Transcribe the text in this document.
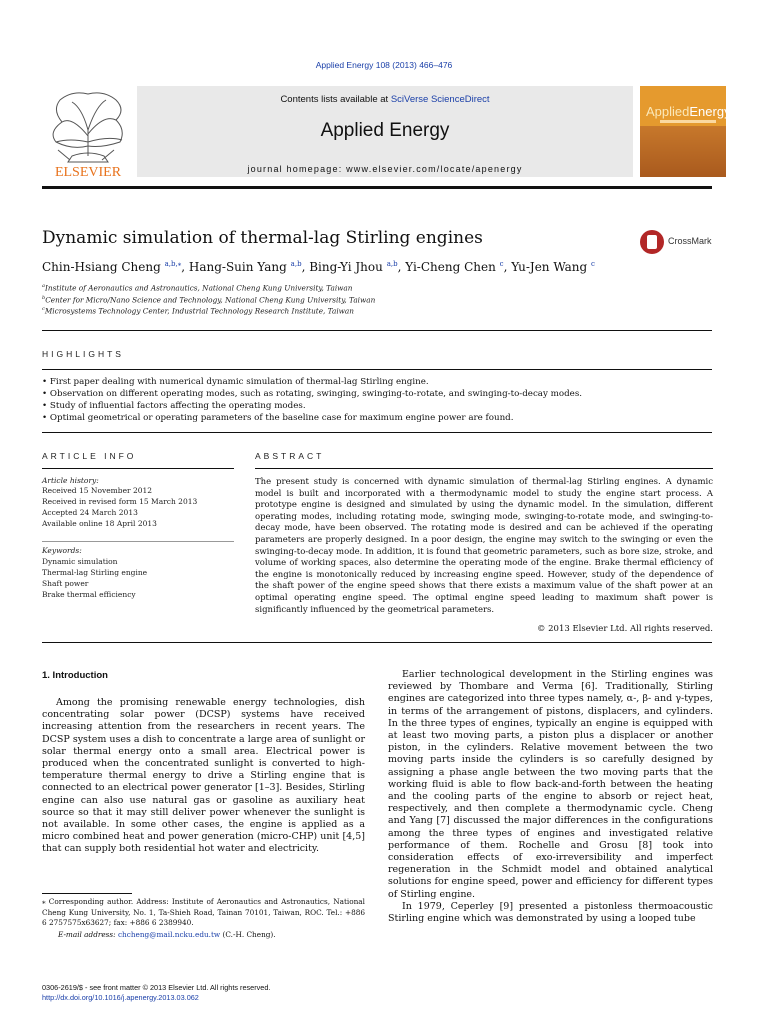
Applied Energy 108 (2013) 466–476
ELSEVIER
Contents lists available at SciVerse ScienceDirect
Applied Energy
journal homepage: www.elsevier.com/locate/apenergy
AppliedEnergy
Dynamic simulation of thermal-lag Stirling engines	CrossMark
Chin-Hsiang Cheng $^{a,b,⁎}$, Hang-Suin Yang $^{a,b}$, Bing-Yi Jhou $^{a,b}$, Yi-Cheng Chen $^c$, Yu-Jen Wang $^c$
$^a$Institute of Aeronautics and Astronautics, National Cheng Kung University, Taiwan
$^b$Center for Micro/Nano Science and Technology, National Cheng Kung University, Taiwan
$^c$Microsystems Technology Center, Industrial Technology Research Institute, Taiwan
HIGHLIGHTS
• First paper dealing with numerical dynamic simulation of thermal-lag Stirling engine.
• Observation on different operating modes, such as rotating, swinging, swinging-to-rotate, and swinging-to-decay modes.
• Study of influential factors affecting the operating modes.
• Optimal geometrical or operating parameters of the baseline case for maximum engine power are found.
ARTICLE INFO	ABSTRACT
Article history:
Received 15 November 2012
Received in revised form 15 March 2013
Accepted 24 March 2013
Available online 18 April 2013
Keywords:
Dynamic simulation
Thermal-lag Stirling engine
Shaft power
Brake thermal efficiency
The present study is concerned with dynamic simulation of thermal-lag Stirling engines. A dynamic model is built and incorporated with a thermodynamic model to study the engine start process. A prototype engine is designed and simulated by using the dynamic model. In the simulation, different operating modes, including rotating mode, swinging mode, swinging-to-rotate mode, and swinging-to-decay mode, have been observed. The rotating mode is desired and can be achieved if the operating parameters are properly designed. In a poor design, the engine may switch to the swinging or even the swinging-to-decay mode. In addition, it is found that geometric parameters, such as bore size, stroke, and volume of working spaces, also determine the operating mode of the engine. Brake thermal efficiency of the engine is monotonically reduced by increasing engine speed. However, study of the dependence of the shaft power of the engine speed shows that there exists a maximum value of the shaft power at an optimal operating engine speed. The optimal engine speed leading to maximum shaft power is significantly influenced by the geometrical parameters.
© 2013 Elsevier Ltd. All rights reserved.
1. Introduction
Among the promising renewable energy technologies, dish concentrating solar power (DCSP) systems have received increasing attention from the researchers in recent years. The DCSP system uses a dish to concentrate a large area of sunlight or solar thermal energy onto a small area. Electrical power is produced when the concentrated sunlight is converted to high-temperature thermal energy to drive a Stirling engine that is connected to an electrical power generator [1–3]. Besides, Stirling engine can also use natural gas or gasoline as auxiliary heat source so that it may still deliver power whenever the sunlight is not available. In some other cases, the engine is applied as a micro combined heat and power generation (micro-CHP) unit [4,5] that can supply both residential hot water and electricity.

Earlier technological development in the Stirling engines was reviewed by Thombare and Verma [6]. Traditionally, Stirling engines are categorized into three types namely, α-, β- and γ-types, in terms of the arrangement of pistons, displacers, and cylinders. In the three types of engines, typically an engine is equipped with at least two moving parts, a piston plus a displacer or another piston, in the cylinders. Relative movement between the two moving parts inside the cylinders is so carefully designed by assigning a phase angle between the two moving parts that the working fluid is able to flow back-and-forth between the heating and the cooling parts of the engine to absorb or reject heat, respectively, and then complete a thermodynamic cycle. Cheng and Yang [7] discussed the major differences in the configurations among the three types of engines and investigated relative performance of them. Rochelle and Grosu [8] took into consideration effects of exo-irreversibility and imperfect regeneration in the Schmidt model and obtained analytical solutions for engine speed, power and efficiency for different types of Stirling engine.

In 1979, Ceperley [9] presented a pistonless thermoacoustic Stirling engine which was demonstrated by using a looped tube

⁎ Corresponding author. Address: Institute of Aeronautics and Astronautics, National Cheng Kung University, No. 1, Ta-Shieh Road, Tainan 70101, Taiwan, ROC. Tel.: +886 6 2757575x63627; fax: +886 6 2389940.
E-mail address: chcheng@mail.ncku.edu.tw (C.-H. Cheng).
0306-2619/$ - see front matter © 2013 Elsevier Ltd. All rights reserved.
http://dx.doi.org/10.1016/j.apenergy.2013.03.062
